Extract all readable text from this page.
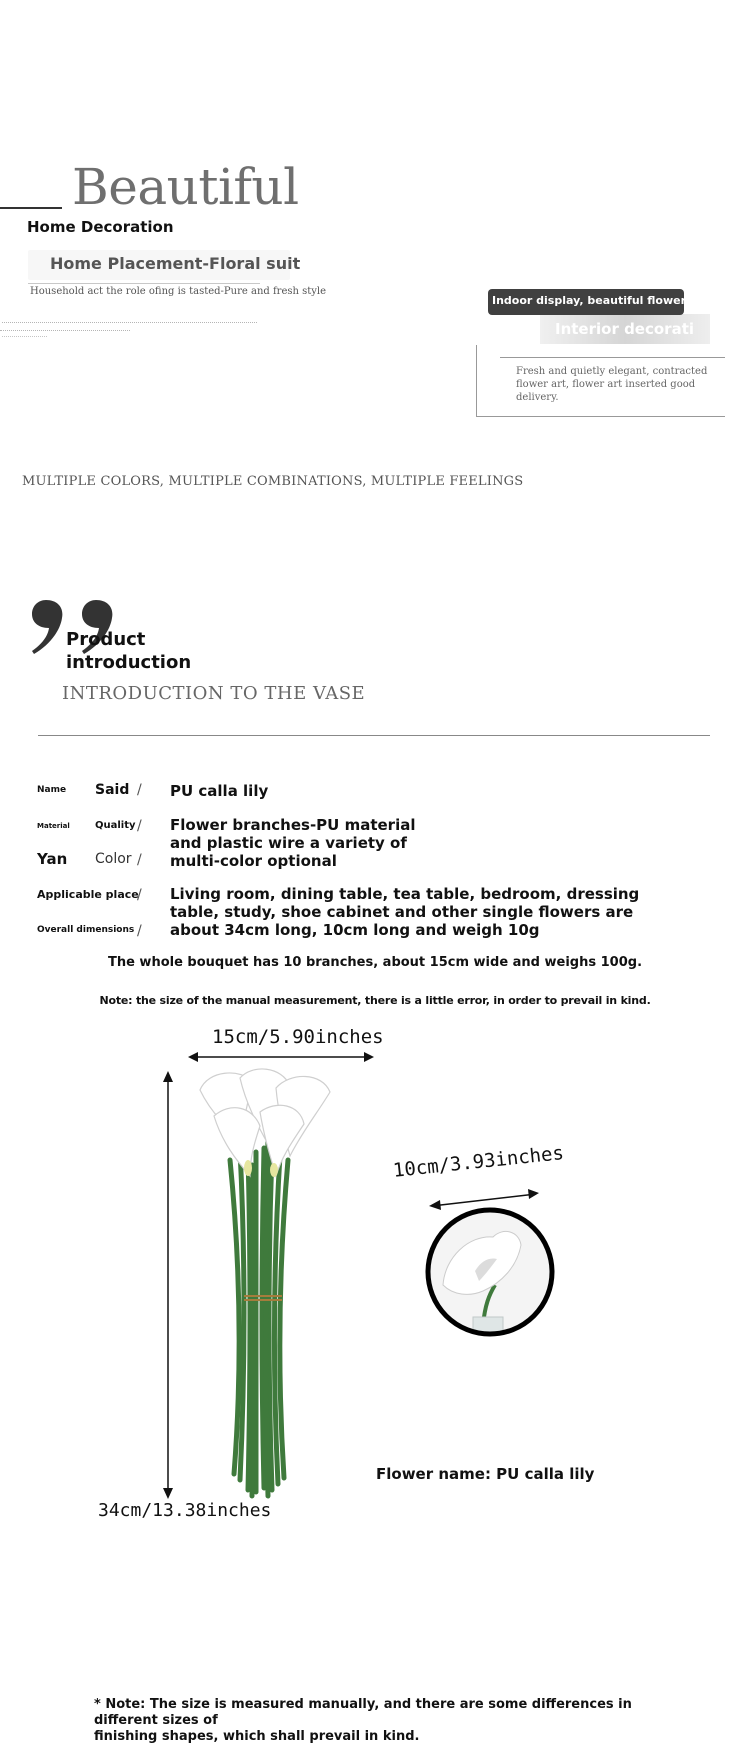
Beautiful
Home Decoration
Home Placement-Floral suit
Household act the role ofing is tasted-Pure and fresh style
Interior decorati
Indoor display, beautiful flower art
Fresh and quietly elegant, contracted flower art, flower art inserted good delivery.
MULTIPLE COLORS, MULTIPLE COMBINATIONS, MULTIPLE FEELINGS
Product
introduction
INTRODUCTION TO THE VASE
Name Said / PU calla lily
Material	Quality /
Yan Color /
Flower branches-PU material
and plastic wire a variety of
multi-color optional
Applicable place
/
Overall dimensions /
Living room, dining table, tea table, bedroom, dressing
table, study, shoe cabinet and other single flowers are
about 34cm long, 10cm long and weigh 10g
The whole bouquet has 10 branches, about 15cm wide and weighs 100g.
Note: the size of the manual measurement, there is a little error, in order to prevail in kind.
15cm/5.90inches
34cm/13.38inches
10cm/3.93inches
Flower name: PU calla lily
* Note: The size is measured manually, and there are some differences in different sizes of
finishing shapes, which shall prevail in kind.
